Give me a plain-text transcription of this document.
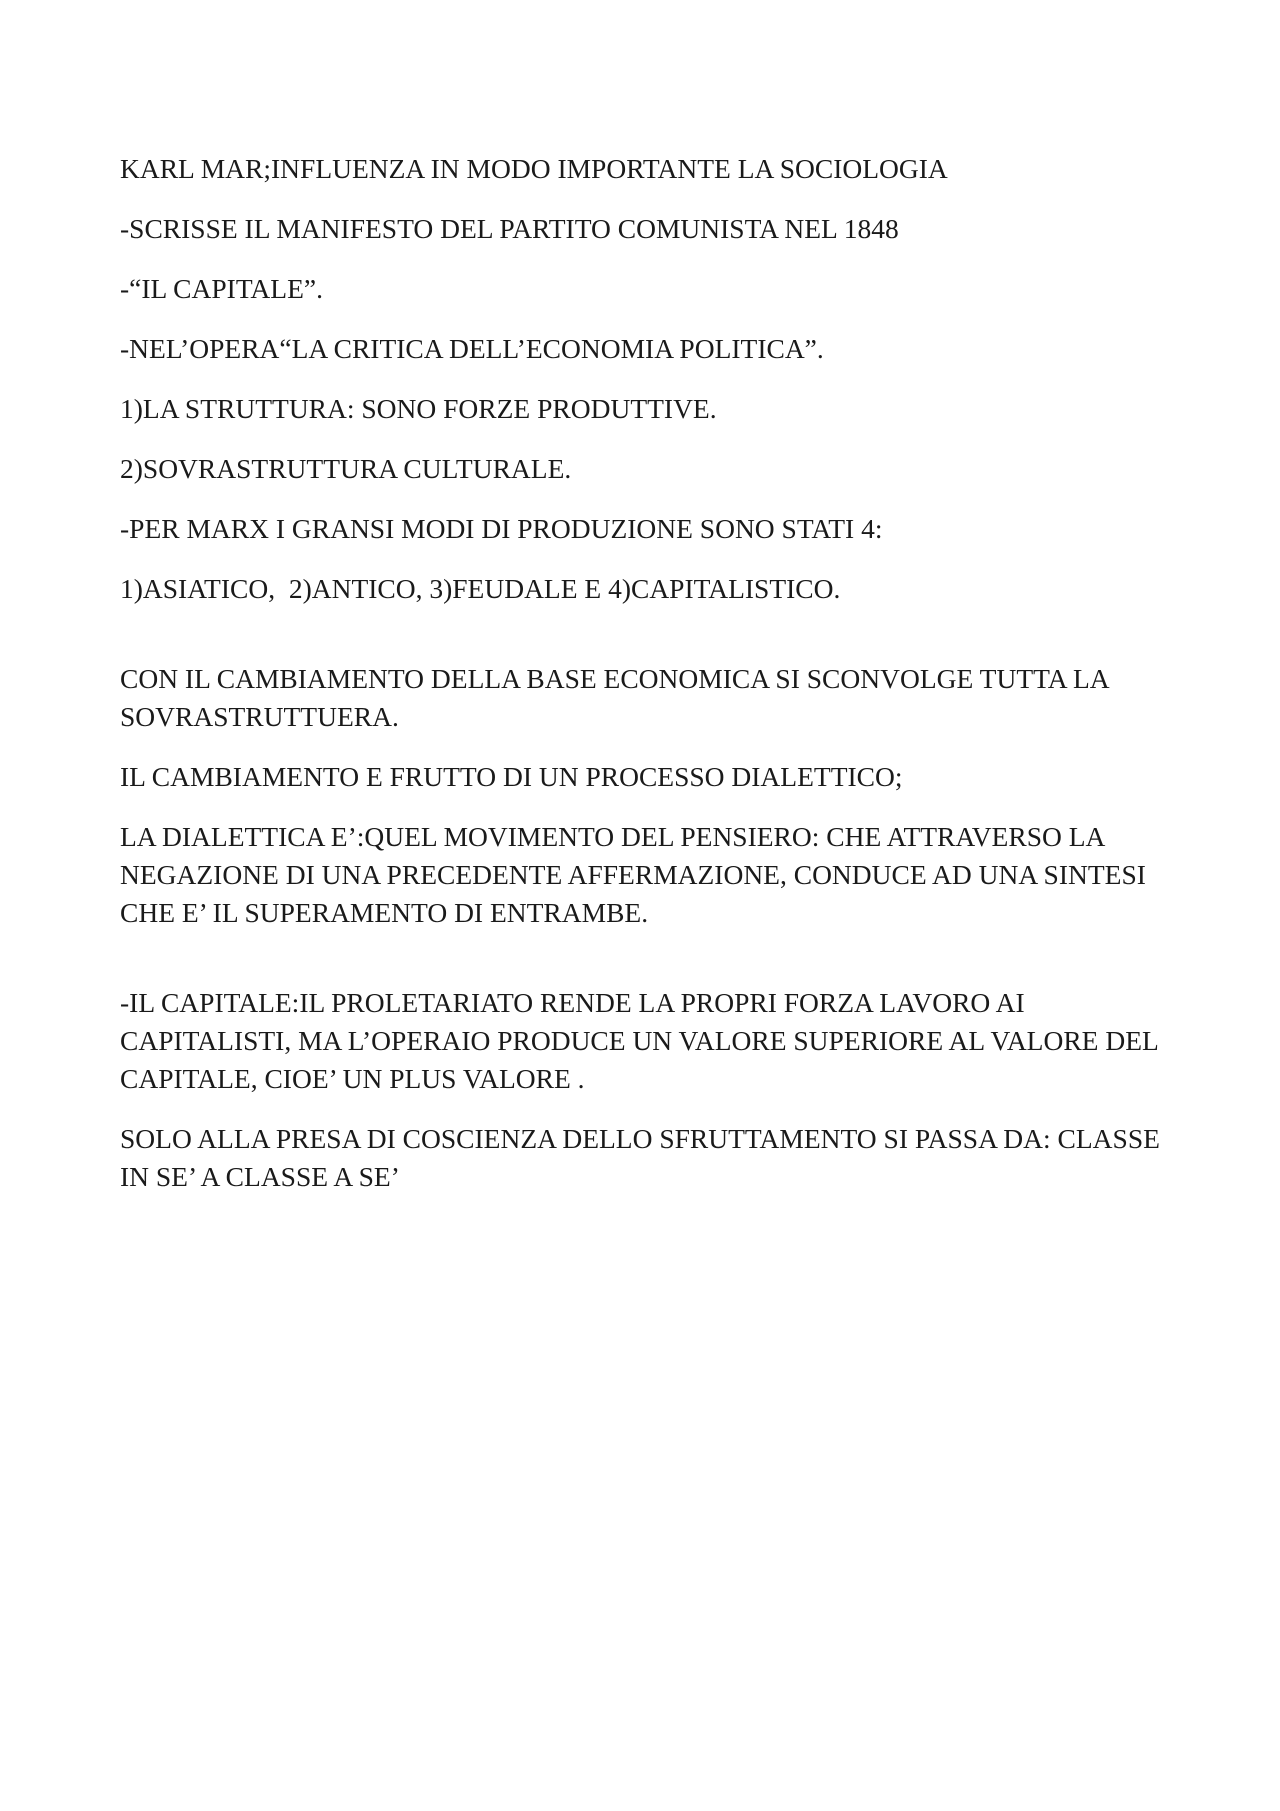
KARL MAR;INFLUENZA IN MODO IMPORTANTE LA SOCIOLOGIA

-SCRISSE IL MANIFESTO DEL PARTITO COMUNISTA NEL 1848

-“IL CAPITALE”.

-NEL’OPERA“LA CRITICA DELL’ECONOMIA POLITICA”.

1)LA STRUTTURA: SONO FORZE PRODUTTIVE.

2)SOVRASTRUTTURA CULTURALE.

-PER MARX I GRANSI MODI DI PRODUZIONE SONO STATI 4:

1)ASIATICO,  2)ANTICO, 3)FEUDALE E 4)CAPITALISTICO.

CON IL CAMBIAMENTO DELLA BASE ECONOMICA SI SCONVOLGE TUTTA LA SOVRASTRUTTUERA.

IL CAMBIAMENTO E FRUTTO DI UN PROCESSO DIALETTICO;

LA DIALETTICA E’:QUEL MOVIMENTO DEL PENSIERO: CHE ATTRAVERSO LA NEGAZIONE DI UNA PRECEDENTE AFFERMAZIONE, CONDUCE AD UNA SINTESI CHE E’ IL SUPERAMENTO DI ENTRAMBE.

-IL CAPITALE:IL PROLETARIATO RENDE LA PROPRI FORZA LAVORO AI CAPITALISTI, MA L’OPERAIO PRODUCE UN VALORE SUPERIORE AL VALORE DEL CAPITALE, CIOE’ UN PLUS VALORE .

SOLO ALLA PRESA DI COSCIENZA DELLO SFRUTTAMENTO SI PASSA DA: CLASSE IN SE’ A CLASSE A SE’
